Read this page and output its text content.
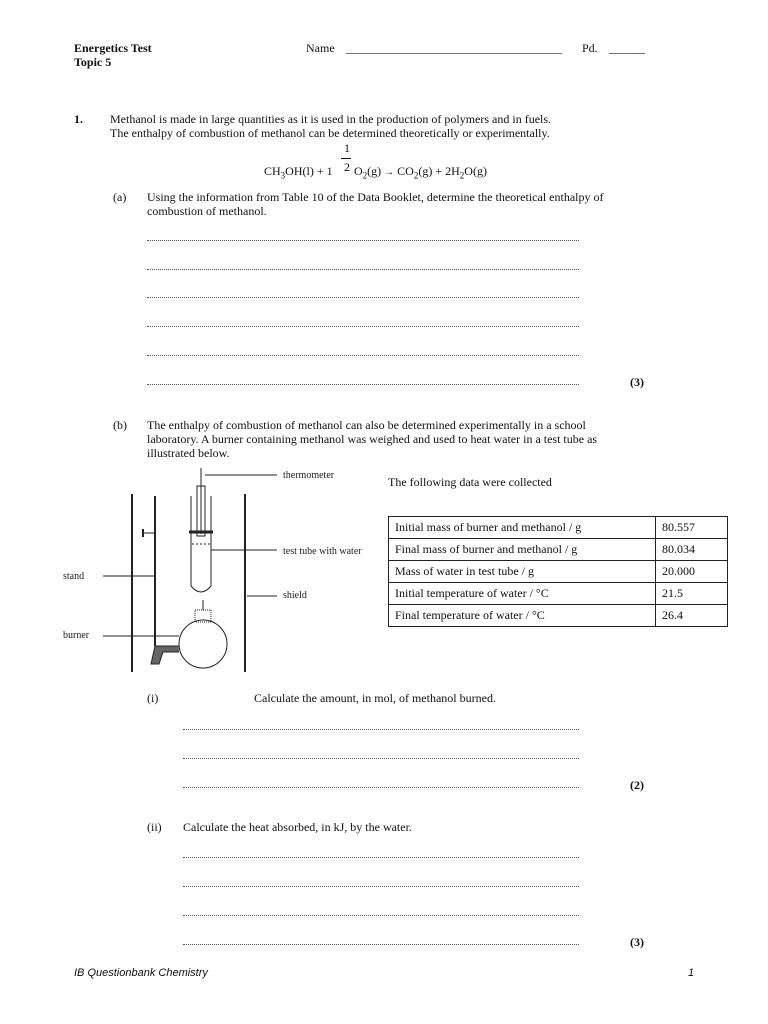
Energetics Test
Topic 5
Name ____________________________________ Pd. ______
1. Methanol is made in large quantities as it is used in the production of polymers and in fuels.
The enthalpy of combustion of methanol can be determined theoretically or experimentally.
1
$CH_3OH(l) + 1$ 2 $O_2(g) \to CO_2(g) + 2H_2O(g)$
(a) Using the information from Table 10 of the Data Booklet, determine the theoretical enthalpy of
combustion of methanol.
(3)
(b) The enthalpy of combustion of methanol can also be determined experimentally in a school
laboratory. A burner containing methanol was weighed and used to heat water in a test tube as
illustrated below.
thermometer
test tube with water
shield
stand
burner
The following data were collected
Initial mass of burner and methanol / g	80.557
Final mass of burner and methanol / g	80.034
Mass of water in test tube / g	20.000
Initial temperature of water / °C	21.5
Final temperature of water / °C	26.4
(i)	Calculate the amount, in mol, of methanol burned.
(2)
(ii) Calculate the heat absorbed, in kJ, by the water.
(3)
IB Questionbank Chemistry	1
